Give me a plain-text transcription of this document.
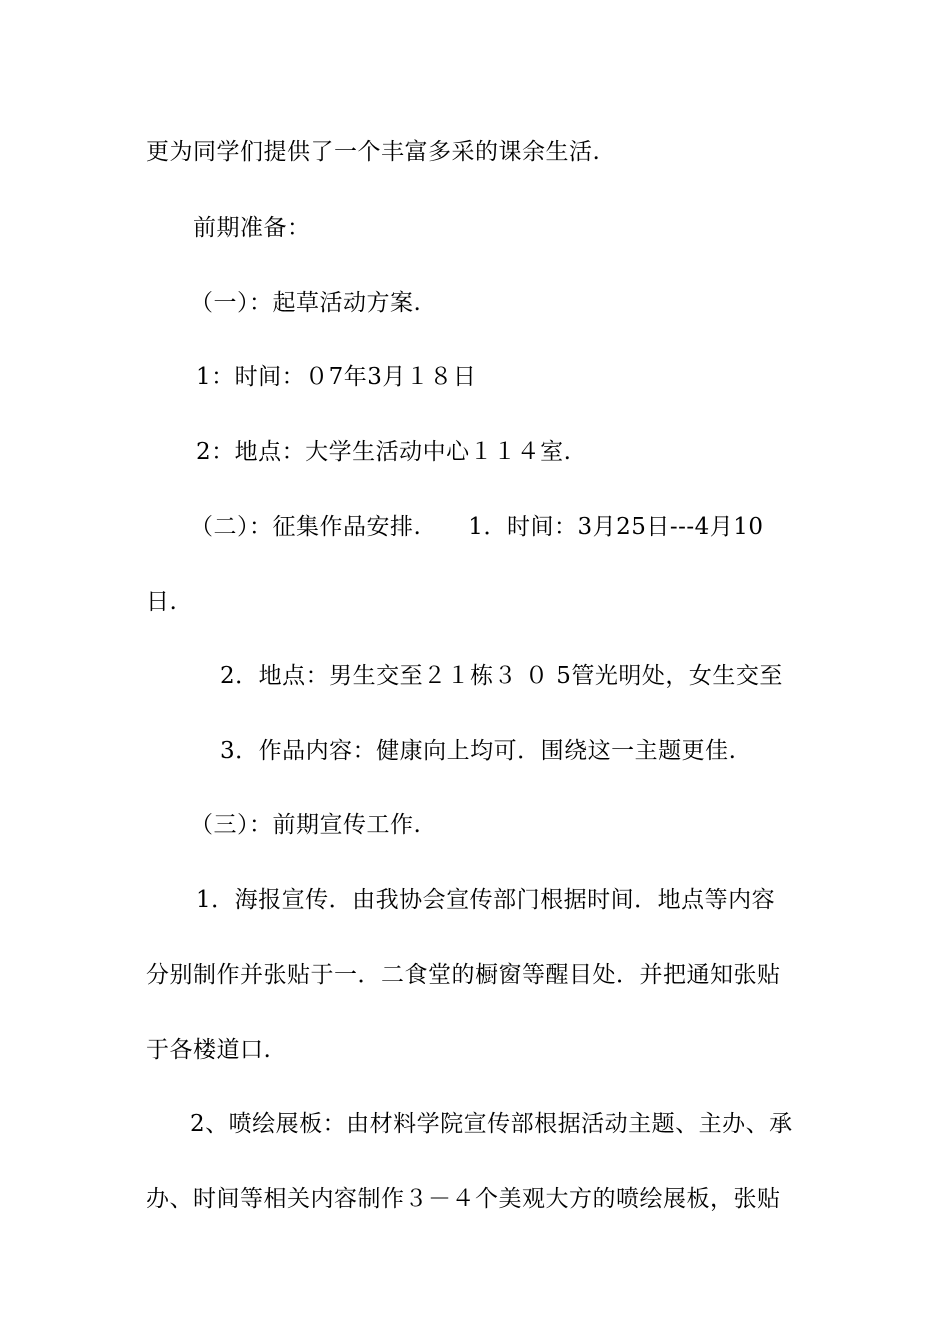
更为同学们提供了一个丰富多采的课余生活.
前期准备：
（一）：起草活动方案.
1：时间：０7年3月１８日
2：地点：大学生活动中心１１４室.
（二）：征集作品安排.　　1．时间：3月25日---4月10
日.
2．地点：男生交至２１栋３ ０ 5管光明处，女生交至
3．作品内容：健康向上均可．围绕这一主题更佳.
（三）：前期宣传工作.
1．海报宣传．由我协会宣传部门根据时间．地点等内容
分别制作并张贴于一．二食堂的橱窗等醒目处．并把通知张贴
于各楼道口.
2、喷绘展板：由材料学院宣传部根据活动主题、主办、承
办、时间等相关内容制作３－４个美观大方的喷绘展板，张贴
